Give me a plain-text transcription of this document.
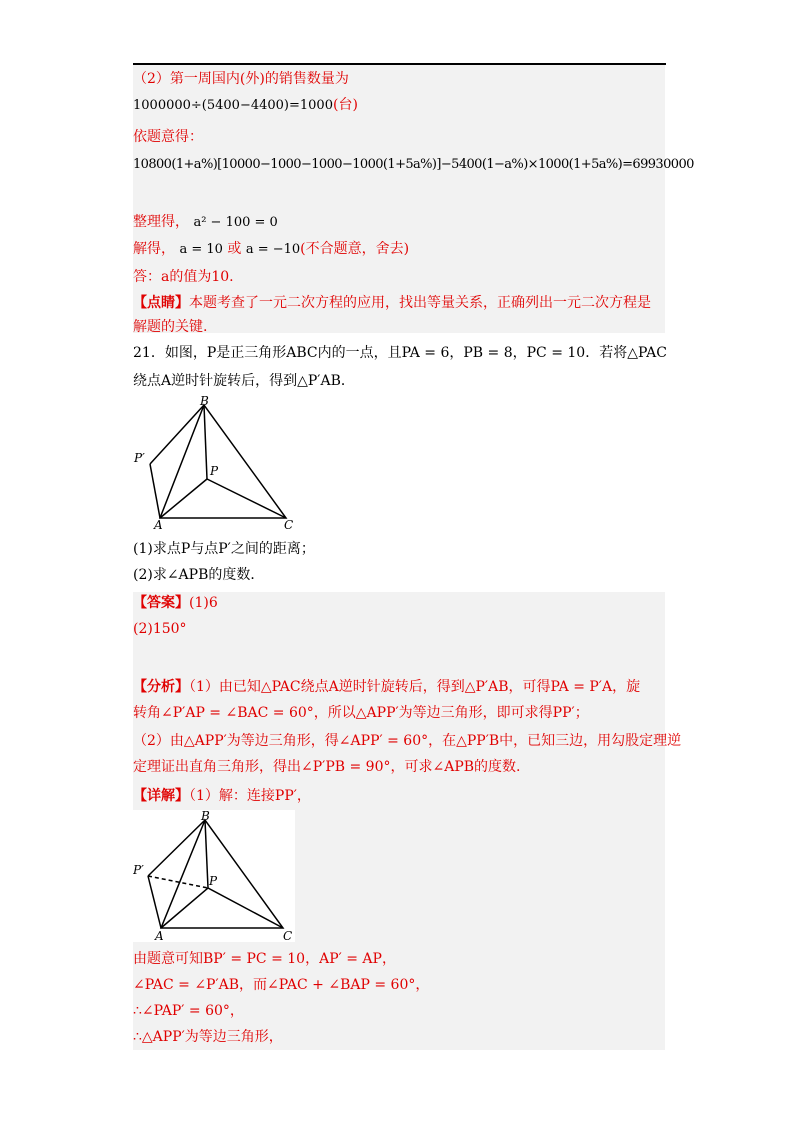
（2）第一周国内(外)的销售数量为
1000000÷(5400−4400)=1000(台)
依题意得：
10800(1+a%)[10000−1000−1000−1000(1+5a%)]−5400(1−a%)×1000(1+5a%)=69930000
整理得， a² − 100 = 0
解得， a = 10 或 a = −10(不合题意，舍去)
答：a的值为10.
【点睛】本题考查了一元二次方程的应用，找出等量关系，正确列出一元二次方程是
解题的关键.
21．如图，P是正三角形ABC内的一点，且PA = 6，PB = 8，PC = 10．若将△PAC
绕点A逆时针旋转后，得到△P′AB．
B
P′
P
A	C
(1)求点P与点P′之间的距离；
(2)求∠APB的度数．
【答案】(1)6
(2)150°
【分析】（1）由已知△PAC绕点A逆时针旋转后，得到△P′AB，可得PA = P′A，旋
转角∠P′AP = ∠BAC = 60°，所以△APP′为等边三角形，即可求得PP′；
（2）由△APP′为等边三角形，得∠APP′ = 60°，在△PP′B中，已知三边，用勾股定理逆
定理证出直角三角形，得出∠P′PB = 90°，可求∠APB的度数.
【详解】（1）解：连接PP′，
B
P′
P
A	C
由题意可知BP′ = PC = 10，AP′ = AP，
∠PAC = ∠P′AB，而∠PAC + ∠BAP = 60°，
∴∠PAP′ = 60°，
∴△APP′为等边三角形，
